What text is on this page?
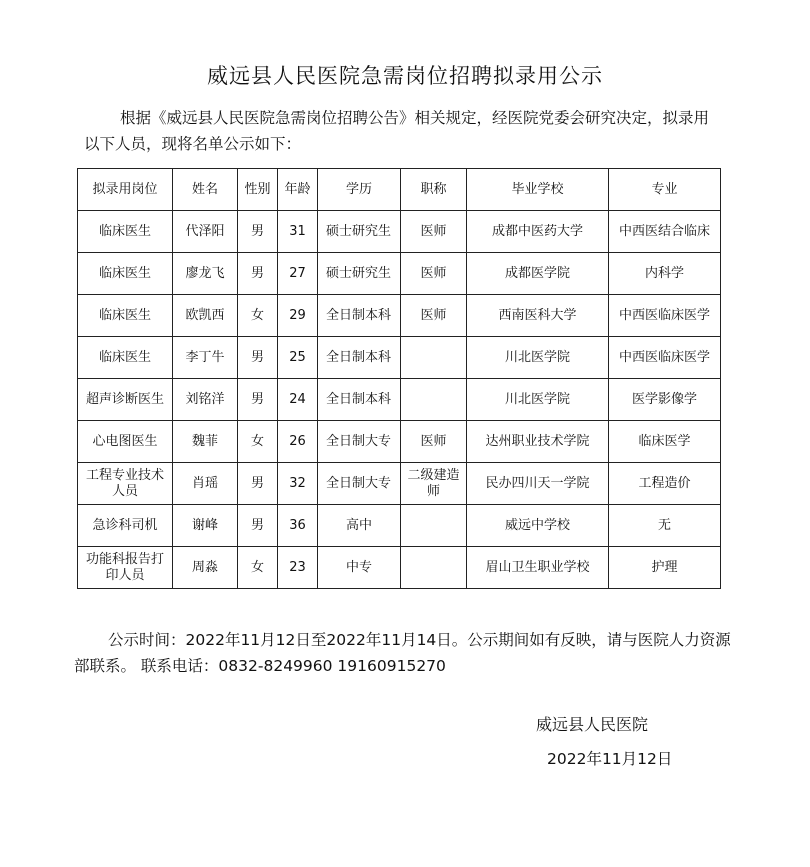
威远县人民医院急需岗位招聘拟录用公示
根据《威远县人民医院急需岗位招聘公告》相关规定，经医院党委会研究决定，拟录用以下人员，现将名单公示如下：
拟录用岗位	姓名	性别	年龄	学历	职称	毕业学校	专业
临床医生	代泽阳	男	31	硕士研究生	医师	成都中医药大学	中西医结合临床
临床医生	廖龙飞	男	27	硕士研究生	医师	成都医学院	内科学
临床医生	欧凯西	女	29	全日制本科	医师	西南医科大学	中西医临床医学
临床医生	李丁牛	男	25	全日制本科		川北医学院	中西医临床医学
超声诊断医生	刘铭洋	男	24	全日制本科		川北医学院	医学影像学
心电图医生	魏菲	女	26	全日制大专	医师	达州职业技术学院	临床医学
工程专业技术人员	肖瑶	男	32	全日制大专	二级建造师	民办四川天一学院	工程造价
急诊科司机	谢峰	男	36	高中		威远中学校	无
功能科报告打印人员	周淼	女	23	中专		眉山卫生职业学校	护理
公示时间：2022年11月12日至2022年11月14日。公示期间如有反映，请与医院人力资源部联系。 联系电话：0832-8249960 19160915270
威远县人民医院
2022年11月12日
